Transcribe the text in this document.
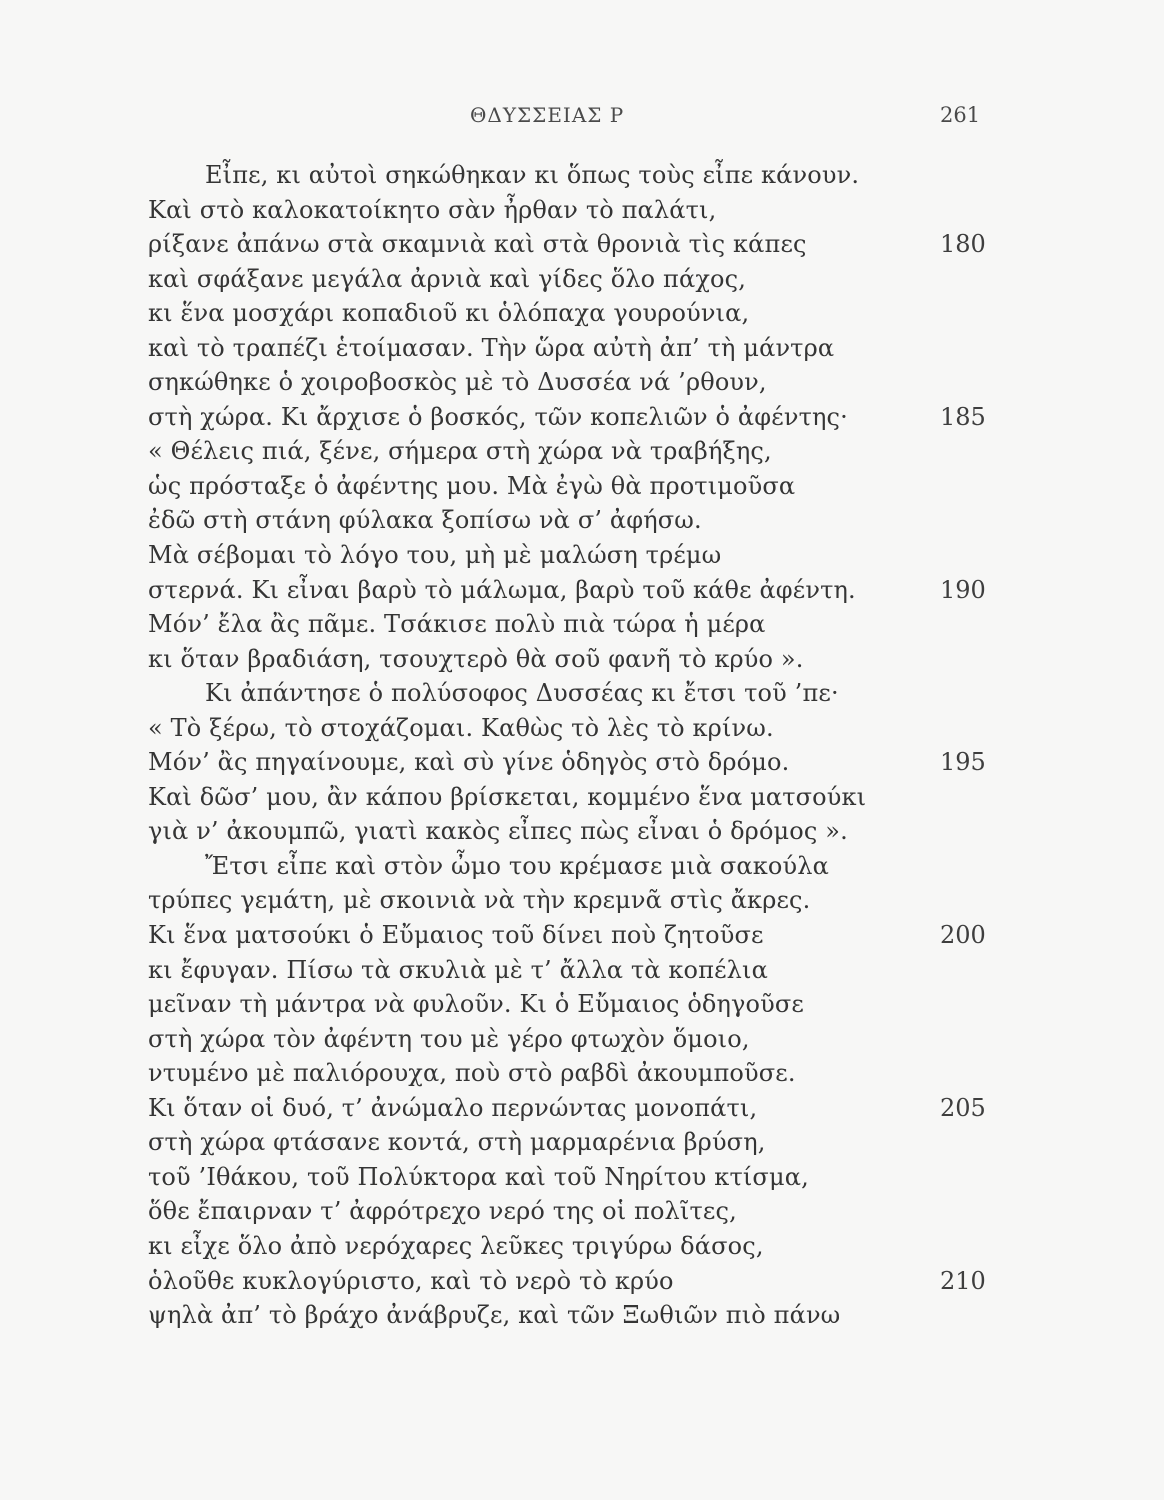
ΘΔΥΣΣΕΙΑΣ Ρ	261
Εἶπε, κι αὐτοὶ σηκώθηκαν κι ὅπως τοὺς εἶπε κάνουν.
Καὶ στὸ καλοκατοίκητο σὰν ἦρθαν τὸ παλάτι,
ρίξανε ἀπάνω στὰ σκαμνιὰ καὶ στὰ θρονιὰ τὶς κάπες	180
καὶ σφάξανε μεγάλα ἀρνιὰ καὶ γίδες ὅλο πάχος,
κι ἕνα μοσχάρι κοπαδιοῦ κι ὁλόπαχα γουρούνια,
καὶ τὸ τραπέζι ἑτοίμασαν. Τὴν ὥρα αὐτὴ ἀπ’ τὴ μάντρα
σηκώθηκε ὁ χοιροβοσκὸς μὲ τὸ Δυσσέα νά ’ρθουν,
στὴ χώρα. Κι ἄρχισε ὁ βοσκός, τῶν κοπελιῶν ὁ ἀφέντης·	185
« Θέλεις πιά, ξένε, σήμερα στὴ χώρα νὰ τραβήξης,
ὡς πρόσταξε ὁ ἀφέντης μου. Μὰ ἐγὼ θὰ προτιμοῦσα
ἐδῶ στὴ στάνη φύλακα ξοπίσω νὰ σ’ ἀφήσω.
Μὰ σέβομαι τὸ λόγο του, μὴ μὲ μαλώση τρέμω
στερνά. Κι εἶναι βαρὺ τὸ μάλωμα, βαρὺ τοῦ κάθε ἀφέντη.	190
Μόν’ ἔλα ἂς πᾶμε. Τσάκισε πολὺ πιὰ τώρα ἡ μέρα
κι ὅταν βραδιάση, τσουχτερὸ θὰ σοῦ φανῆ τὸ κρύο ».
Κι ἀπάντησε ὁ πολύσοφος Δυσσέας κι ἔτσι τοῦ ’πε·
« Τὸ ξέρω, τὸ στοχάζομαι. Καθὼς τὸ λὲς τὸ κρίνω.
Μόν’ ἂς πηγαίνουμε, καὶ σὺ γίνε ὁδηγὸς στὸ δρόμο.	195
Καὶ δῶσ’ μου, ἂν κάπου βρίσκεται, κομμένο ἕνα ματσούκι
γιὰ ν’ ἀκουμπῶ, γιατὶ κακὸς εἶπες πὼς εἶναι ὁ δρόμος ».
Ἔτσι εἶπε καὶ στὸν ὦμο του κρέμασε μιὰ σακούλα
τρύπες γεμάτη, μὲ σκοινιὰ νὰ τὴν κρεμνᾶ στὶς ἄκρες.
Κι ἕνα ματσούκι ὁ Εὔμαιος τοῦ δίνει ποὺ ζητοῦσε	200
κι ἔφυγαν. Πίσω τὰ σκυλιὰ μὲ τ’ ἄλλα τὰ κοπέλια
μεῖναν τὴ μάντρα νὰ φυλοῦν. Κι ὁ Εὔμαιος ὁδηγοῦσε
στὴ χώρα τὸν ἀφέντη του μὲ γέρο φτωχὸν ὅμοιο,
ντυμένο μὲ παλιόρουχα, ποὺ στὸ ραβδὶ ἀκουμποῦσε.
Κι ὅταν οἱ δυό, τ’ ἀνώμαλο περνώντας μονοπάτι,	205
στὴ χώρα φτάσανε κοντά, στὴ μαρμαρένια βρύση,
τοῦ ’Ιθάκου, τοῦ Πολύκτορα καὶ τοῦ Νηρίτου κτίσμα,
ὅθε ἔπαιρναν τ’ ἀφρότρεχο νερό της οἱ πολῖτες,
κι εἶχε ὅλο ἀπὸ νερόχαρες λεῦκες τριγύρω δάσος,
ὁλοῦθε κυκλογύριστο, καὶ τὸ νερὸ τὸ κρύο	210
ψηλὰ ἀπ’ τὸ βράχο ἀνάβρυζε, καὶ τῶν Ξωθιῶν πιὸ πάνω
